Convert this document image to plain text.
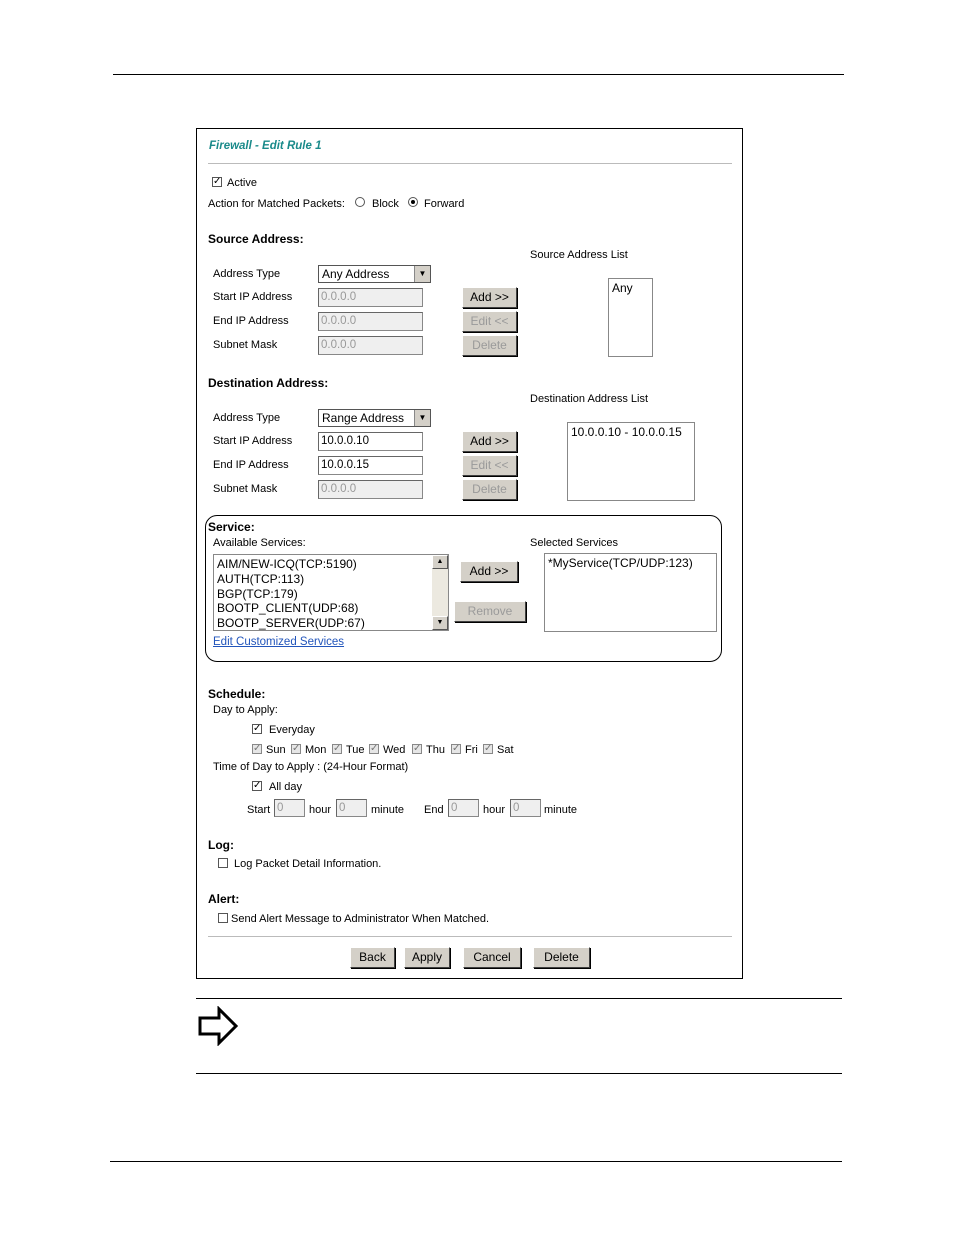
Firewall - Edit Rule 1
✓ Active
Action for Matched Packets: Block Forward
Source Address:
Source Address List
Address Type	Any Address	▼
Start IP Address 0.0.0.0
End IP Address	0.0.0.0
Subnet Mask	0.0.0.0
Add >>
Edit <<
Delete
Any
Destination Address:
Destination Address List
Address Type	Range Address	▼
Start IP Address 10.0.0.10
End IP Address	10.0.0.15
Subnet Mask	0.0.0.0
Add >>
Edit <<
Delete
10.0.0.10 - 10.0.0.15
Service:
Available Services:	Selected Services
AIM/NEW-ICQ(TCP:5190)
AUTH(TCP:113)
BGP(TCP:179)
BOOTP_CLIENT(UDP:68)
BOOTP_SERVER(UDP:67)
▲
▼
Add >>
Remove
*MyService(TCP/UDP:123)
Edit Customized Services
Schedule:
Day to Apply:
✓ Everyday
✓ Sun ✓ Mon ✓ Tue ✓ Wed ✓ Thu ✓ Fri ✓ Sat
Time of Day to Apply : (24-Hour Format)
✓ All day
Start 0	hour 0	minute End 0	hour 0	minute
Log:
Log Packet Detail Information.
Alert:
Send Alert Message to Administrator When Matched.
Back	Apply	Cancel	Delete
